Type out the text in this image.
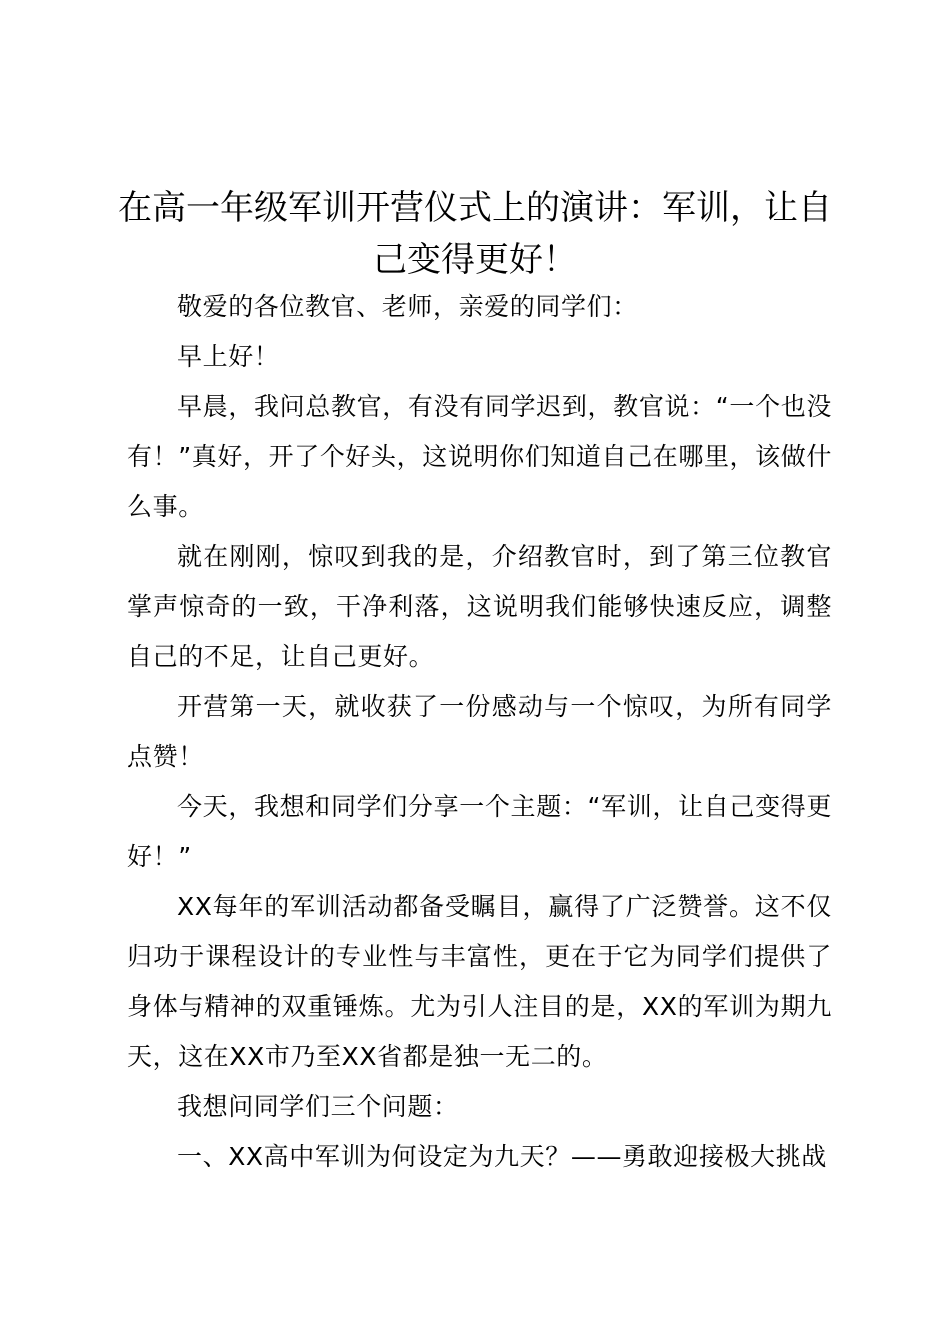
在高一年级军训开营仪式上的演讲：军训，让自己变得更好！

敬爱的各位教官、老师，亲爱的同学们：

早上好！

早晨，我问总教官，有没有同学迟到，教官说：“一个也没有！”真好，开了个好头，这说明你们知道自己在哪里，该做什么事。

就在刚刚，惊叹到我的是，介绍教官时，到了第三位教官掌声惊奇的一致，干净利落，这说明我们能够快速反应，调整自己的不足，让自己更好。

开营第一天，就收获了一份感动与一个惊叹，为所有同学点赞！

今天，我想和同学们分享一个主题：“军训，让自己变得更好！”

XX每年的军训活动都备受瞩目，赢得了广泛赞誉。这不仅归功于课程设计的专业性与丰富性，更在于它为同学们提供了身体与精神的双重锤炼。尤为引人注目的是，XX的军训为期九天，这在XX市乃至XX省都是独一无二的。

我想问同学们三个问题：

一、XX高中军训为何设定为九天？——勇敢迎接极大挑战
